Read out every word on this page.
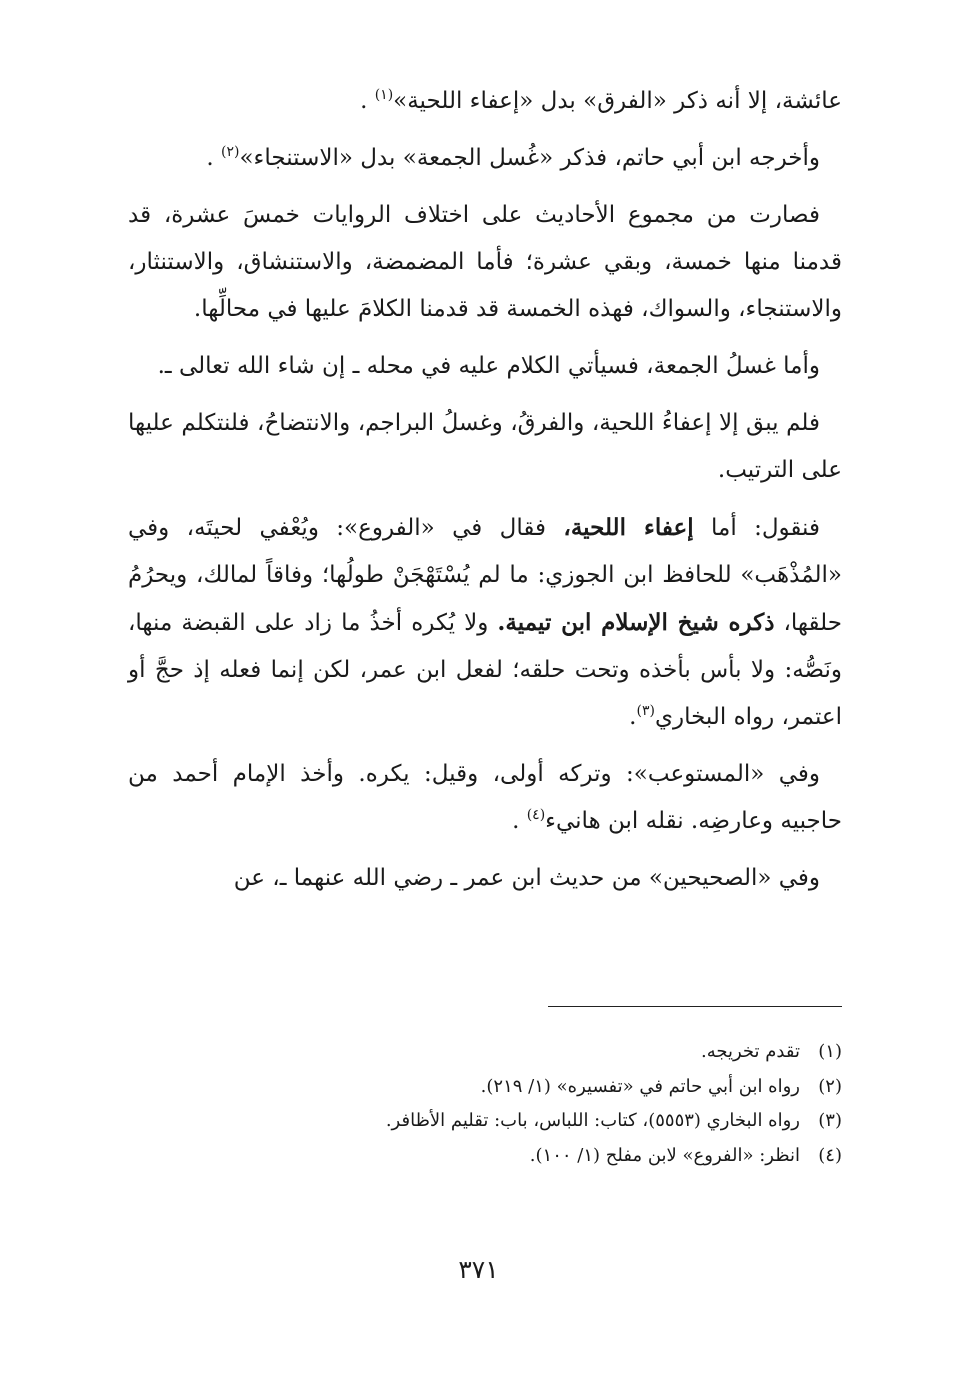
عائشة، إلا أنه ذكر «الفرق» بدل «إعفاء اللحية»$^{(١)}$ .

وأخرجه ابن أبي حاتم، فذكر «غُسل الجمعة» بدل «الاستنجاء»$^{(٢)}$ .

فصارت من مجموع الأحاديث على اختلاف الروايات خمسَ عشرة، قد قدمنا منها خمسة، وبقي عشرة؛ فأما المضمضة، والاستنشاق، والاستنثار، والاستنجاء، والسواك، فهذه الخمسة قد قدمنا الكلامَ عليها في محالِّها.

وأما غسلُ الجمعة، فسيأتي الكلام عليه في محله ـ إن شاء الله تعالى ـ.

فلم يبق إلا إعفاءُ اللحية، والفرقُ، وغسلُ البراجم، والانتضاحُ، فلنتكلم عليها على الترتيب.

فنقول: أما إعفاء اللحية، فقال في «الفروع»: ويُعْفي لحيتَه، وفي «المُذْهَب» للحافظ ابن الجوزي: ما لم يُسْتَهْجَنْ طولُها؛ وفاقاً لمالك، ويحرُمُ حلقها، ذكره شيخ الإسلام ابن تيمية. ولا يُكره أخذُ ما زاد على القبضة منها، ونَصُّه: ولا بأس بأخذه وتحت حلقه؛ لفعل ابن عمر، لكن إنما فعله إذ حجَّ أو اعتمر، رواه البخاري$^{(٣)}$.

وفي «المستوعب»: وتركه أولى، وقيل: يكره. وأخذ الإمام أحمد من حاجبيه وعارضِه. نقله ابن هانيء$^{(٤)}$ .

وفي «الصحيحين» من حديث ابن عمر ـ رضي الله عنهما ـ، عن

(١)تقدم تخريجه.
(٢)رواه ابن أبي حاتم في «تفسيره» (١/ ٢١٩).
(٣)رواه البخاري (٥٥٥٣)، كتاب: اللباس، باب: تقليم الأظافر.
(٤)انظر: «الفروع» لابن مفلح (١/ ١٠٠).
٣٧١
